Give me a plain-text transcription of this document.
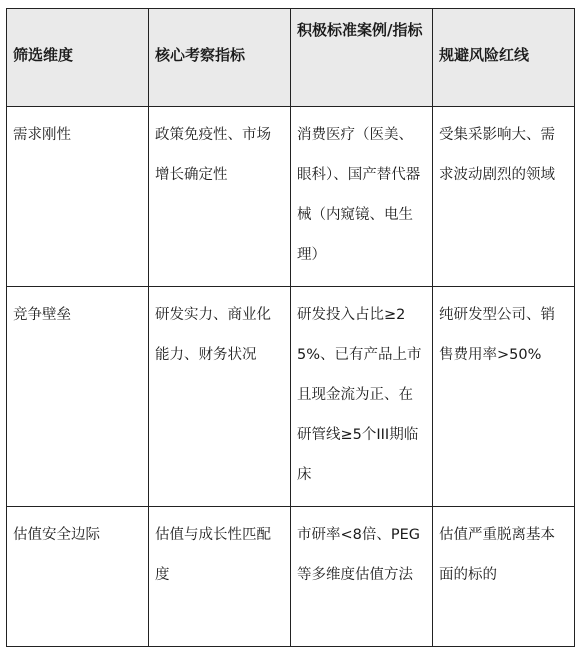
筛选维度	核心考察指标	积极标准案例/指标	规避风险红线
需求刚性	政策免疫性、市场增长确定性	消费医疗（医美、眼科）、国产替代器械（内窥镜、电生理）	受集采影响大、需求波动剧烈的领域
竞争壁垒	研发实力、商业化能力、财务状况	研发投入占比≥25%、已有产品上市且现金流为正、在研管线≥5个III期临床	纯研发型公司、销售费用率>50%
估值安全边际	估值与成长性匹配度	市研率<8倍、PEG等多维度估值方法	估值严重脱离基本面的标的
